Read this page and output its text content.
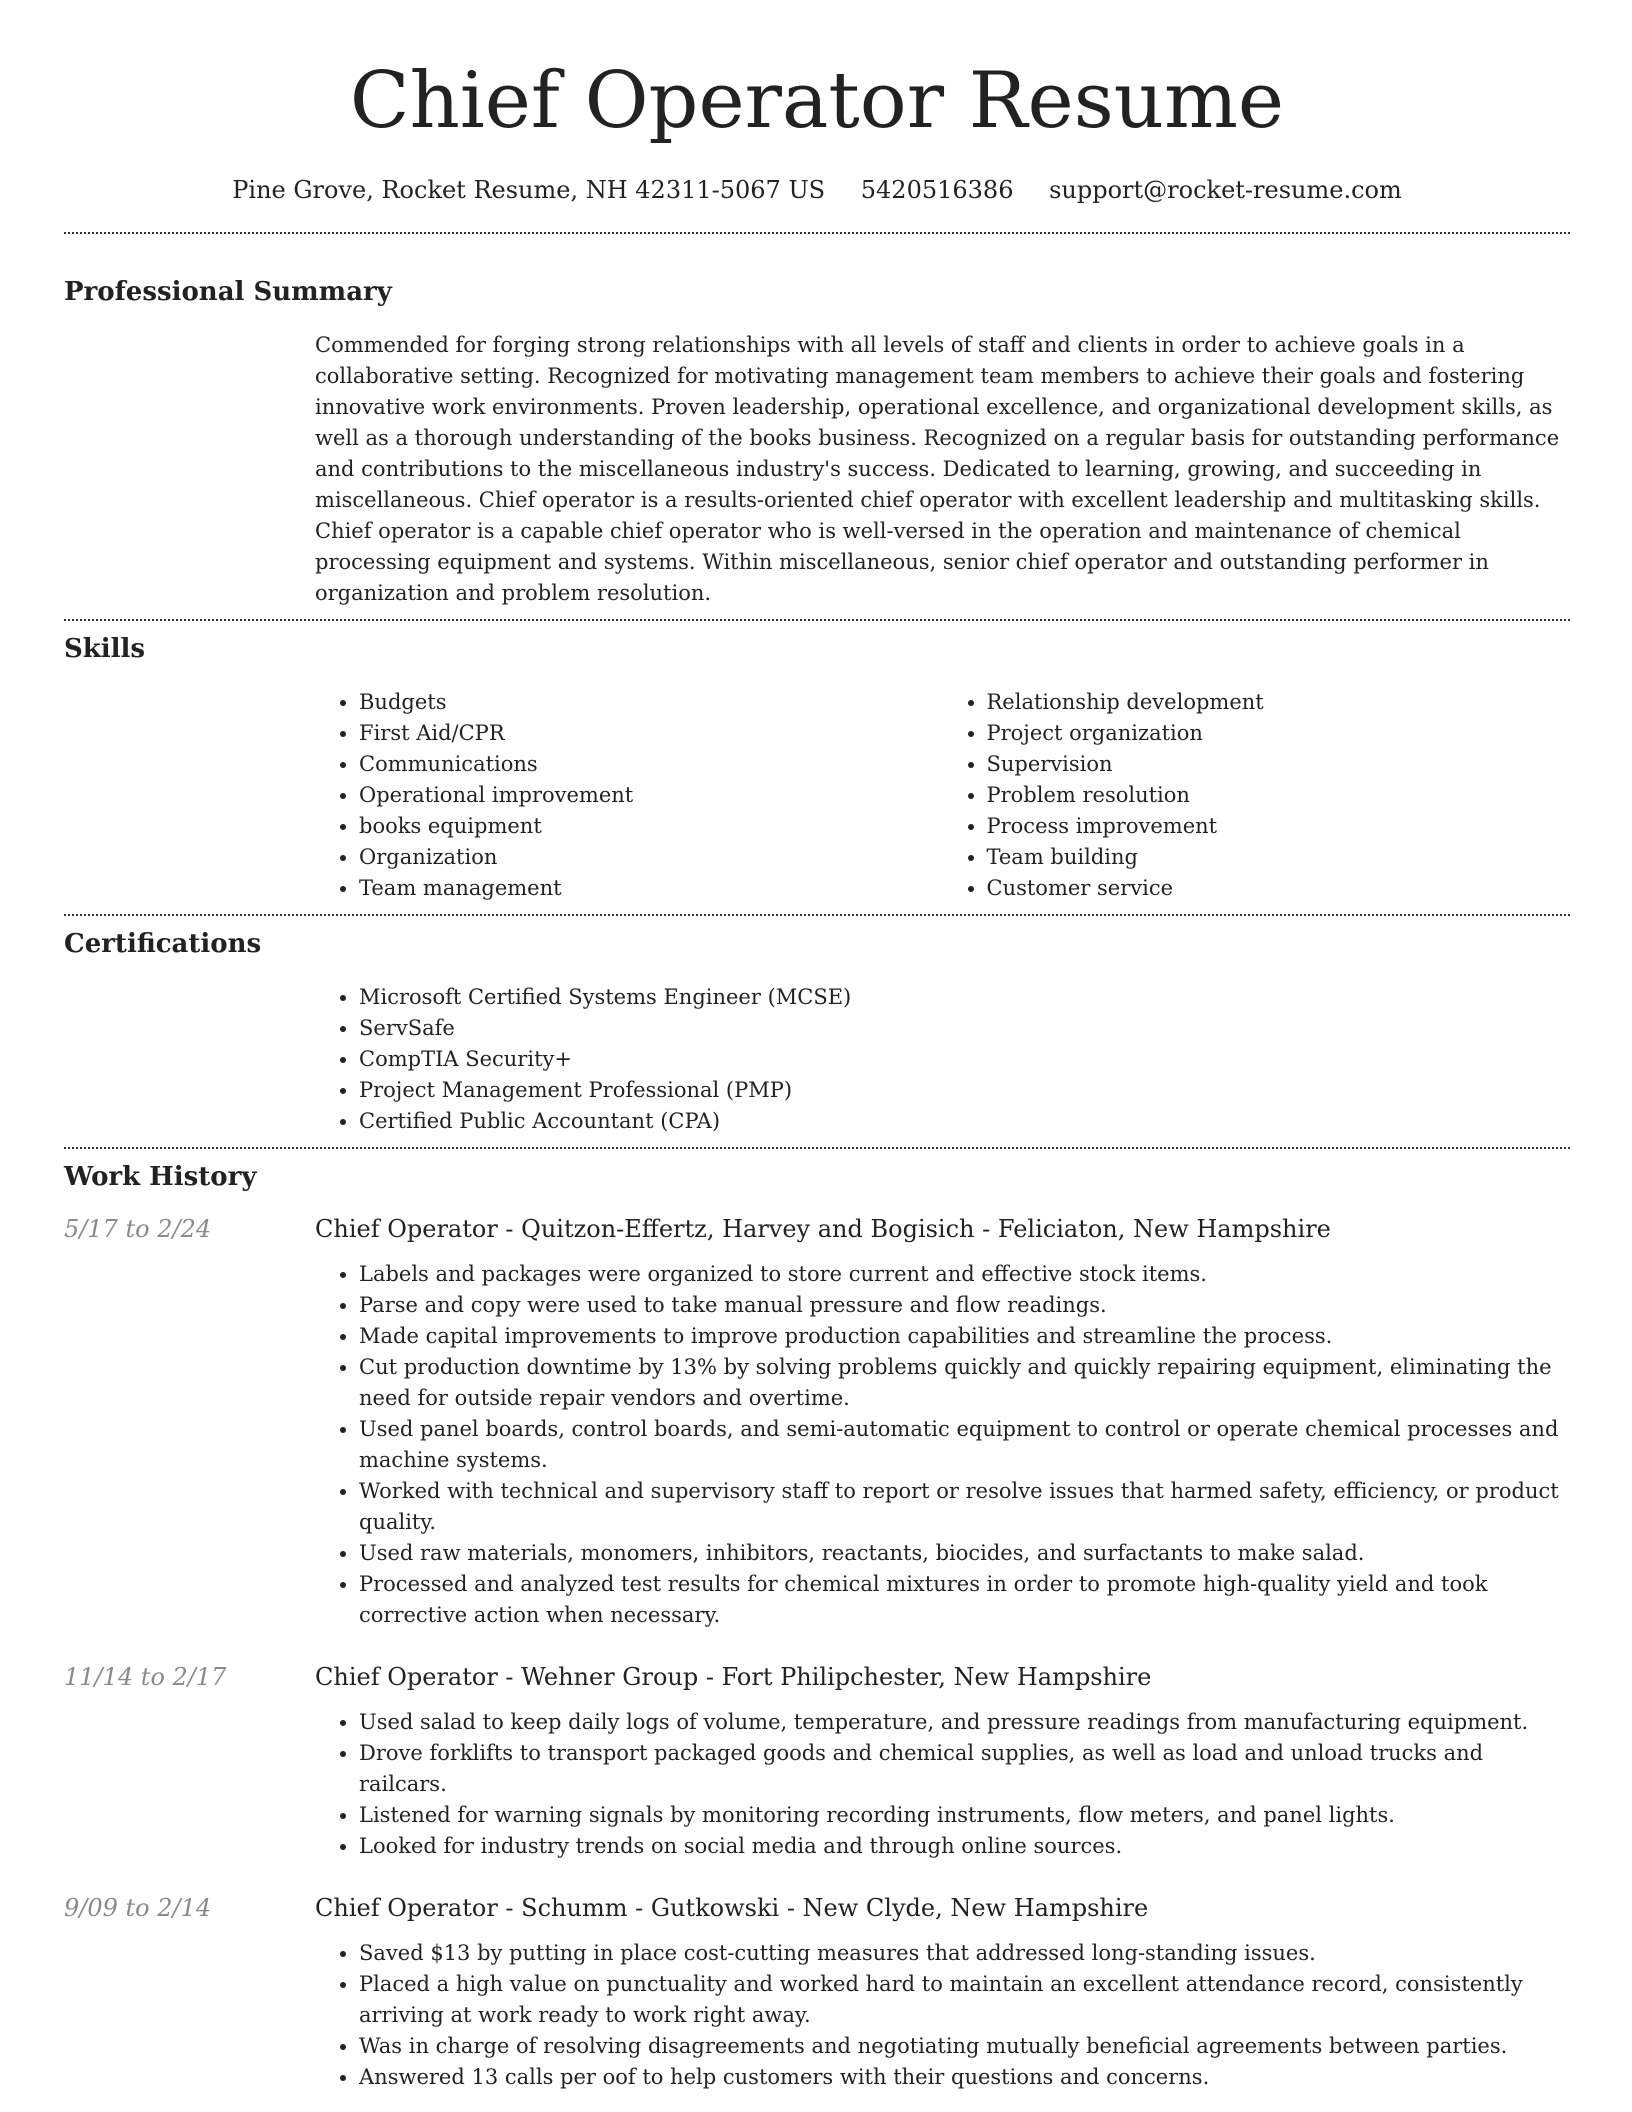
Chief Operator Resume
Pine Grove, Rocket Resume, NH 42311-5067 US 5420516386 support@rocket-resume.com
Professional Summary

Commended for forging strong relationships with all levels of staff and clients in order to achieve goals in a collaborative setting. Recognized for motivating management team members to achieve their goals and fostering innovative work environments. Proven leadership, operational excellence, and organizational development skills, as well as a thorough understanding of the books business. Recognized on a regular basis for outstanding performance and contributions to the miscellaneous industry's success. Dedicated to learning, growing, and succeeding in miscellaneous. Chief operator is a results-oriented chief operator with excellent leadership and multitasking skills. Chief operator is a capable chief operator who is well-versed in the operation and maintenance of chemical processing equipment and systems. Within miscellaneous, senior chief operator and outstanding performer in organization and problem resolution.

Skills
• Budgets
• First Aid/CPR
• Communications
• Operational improvement
• books equipment
• Organization
• Team management
• Relationship development
• Project organization
• Supervision
• Problem resolution
• Process improvement
• Team building
• Customer service
Certifications
• Microsoft Certified Systems Engineer (MCSE)
• ServSafe
• CompTIA Security+
• Project Management Professional (PMP)
• Certified Public Accountant (CPA)
Work History
5/17 to 2/24	Chief Operator - Quitzon-Effertz, Harvey and Bogisich - Feliciaton, New Hampshire
• Labels and packages were organized to store current and effective stock items.
• Parse and copy were used to take manual pressure and flow readings.
• Made capital improvements to improve production capabilities and streamline the process.
• Cut production downtime by 13% by solving problems quickly and quickly repairing equipment, eliminating the need for outside repair vendors and overtime.
• Used panel boards, control boards, and semi-automatic equipment to control or operate chemical processes and machine systems.
• Worked with technical and supervisory staff to report or resolve issues that harmed safety, efficiency, or product quality.
• Used raw materials, monomers, inhibitors, reactants, biocides, and surfactants to make salad.
• Processed and analyzed test results for chemical mixtures in order to promote high-quality yield and took corrective action when necessary.
11/14 to 2/17	Chief Operator - Wehner Group - Fort Philipchester, New Hampshire
• Used salad to keep daily logs of volume, temperature, and pressure readings from manufacturing equipment.
• Drove forklifts to transport packaged goods and chemical supplies, as well as load and unload trucks and railcars.
• Listened for warning signals by monitoring recording instruments, flow meters, and panel lights.
• Looked for industry trends on social media and through online sources.
9/09 to 2/14	Chief Operator - Schumm - Gutkowski - New Clyde, New Hampshire
• Saved $13 by putting in place cost-cutting measures that addressed long-standing issues.
• Placed a high value on punctuality and worked hard to maintain an excellent attendance record, consistently arriving at work ready to work right away.
• Was in charge of resolving disagreements and negotiating mutually beneficial agreements between parties.
• Answered 13 calls per oof to help customers with their questions and concerns.
